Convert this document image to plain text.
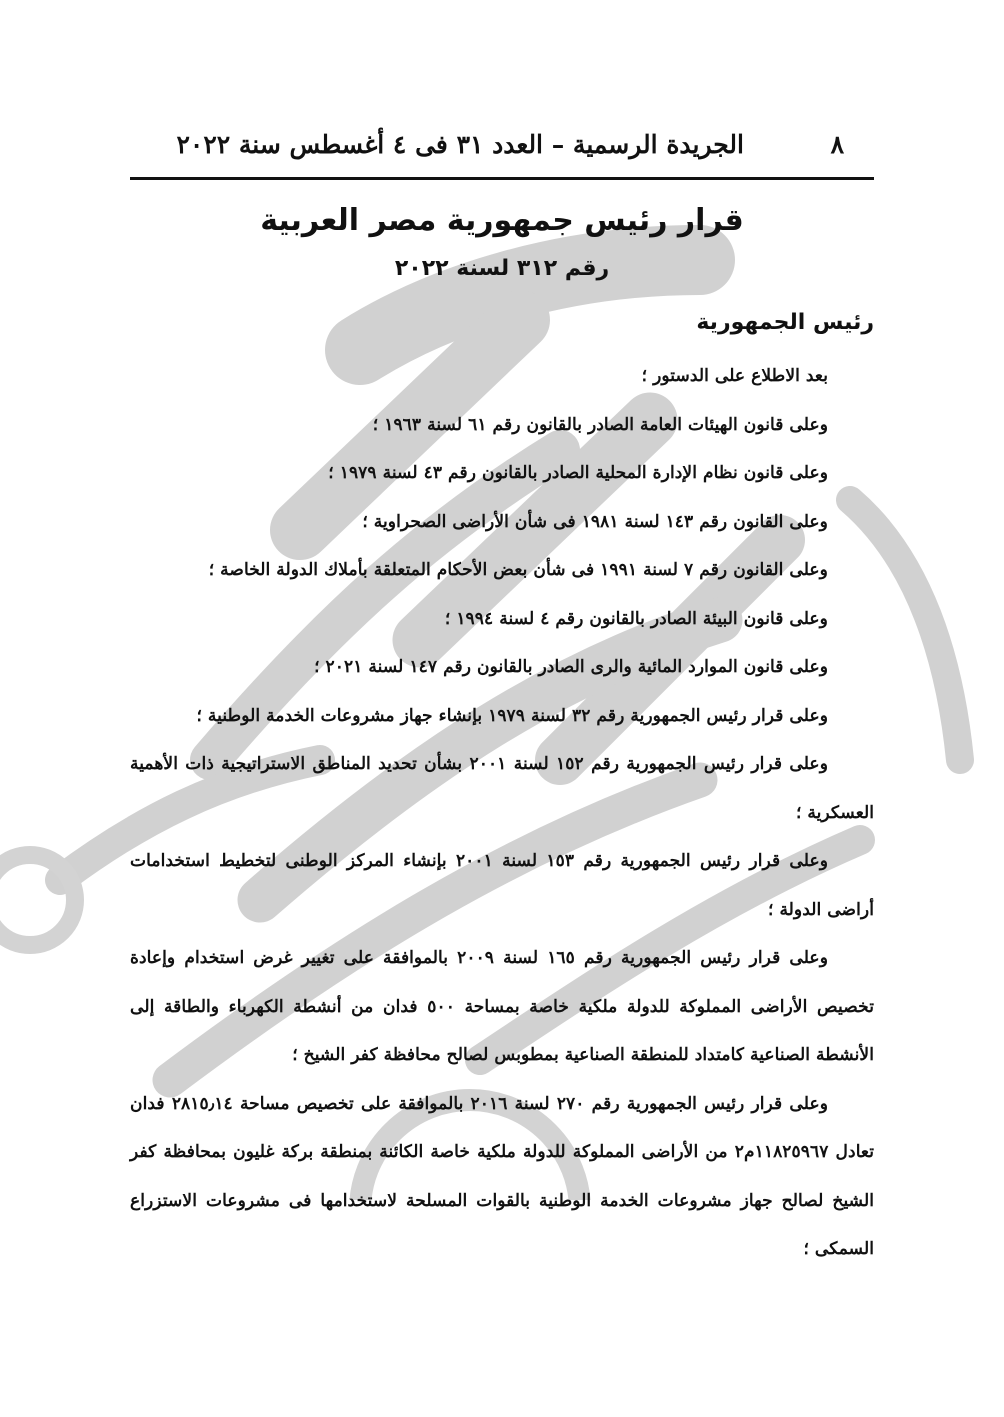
الجريدة الرسمية – العدد ٣١ فى ٤ أغسطس سنة ٢٠٢٢	٨
قرار رئيس جمهورية مصر العربية
رقم ٣١٢ لسنة ٢٠٢٢
رئيس الجمهورية

بعد الاطلاع على الدستور ؛

وعلى قانون الهيئات العامة الصادر بالقانون رقم ٦١ لسنة ١٩٦٣ ؛

وعلى قانون نظام الإدارة المحلية الصادر بالقانون رقم ٤٣ لسنة ١٩٧٩ ؛

وعلى القانون رقم ١٤٣ لسنة ١٩٨١ فى شأن الأراضى الصحراوية ؛

وعلى القانون رقم ٧ لسنة ١٩٩١ فى شأن بعض الأحكام المتعلقة بأملاك الدولة الخاصة ؛

وعلى قانون البيئة الصادر بالقانون رقم ٤ لسنة ١٩٩٤ ؛

وعلى قانون الموارد المائية والرى الصادر بالقانون رقم ١٤٧ لسنة ٢٠٢١ ؛

وعلى قرار رئيس الجمهورية رقم ٣٢ لسنة ١٩٧٩ بإنشاء جهاز مشروعات الخدمة الوطنية ؛

وعلى قرار رئيس الجمهورية رقم ١٥٢ لسنة ٢٠٠١ بشأن تحديد المناطق الاستراتيجية ذات الأهمية العسكرية ؛

وعلى قرار رئيس الجمهورية رقم ١٥٣ لسنة ٢٠٠١ بإنشاء المركز الوطنى لتخطيط استخدامات أراضى الدولة ؛

وعلى قرار رئيس الجمهورية رقم ١٦٥ لسنة ٢٠٠٩ بالموافقة على تغيير غرض استخدام وإعادة تخصيص الأراضى المملوكة للدولة ملكية خاصة بمساحة ٥٠٠ فدان من أنشطة الكهرباء والطاقة إلى الأنشطة الصناعية كامتداد للمنطقة الصناعية بمطوبس لصالح محافظة كفر الشيخ ؛

وعلى قرار رئيس الجمهورية رقم ٢٧٠ لسنة ٢٠١٦ بالموافقة على تخصيص مساحة ٢٨١٥٫١٤ فدان تعادل ١١٨٢٥٩٦٧م٢ من الأراضى المملوكة للدولة ملكية خاصة الكائنة بمنطقة بركة غليون بمحافظة كفر الشيخ لصالح جهاز مشروعات الخدمة الوطنية بالقوات المسلحة لاستخدامها فى مشروعات الاستزراع السمكى ؛
